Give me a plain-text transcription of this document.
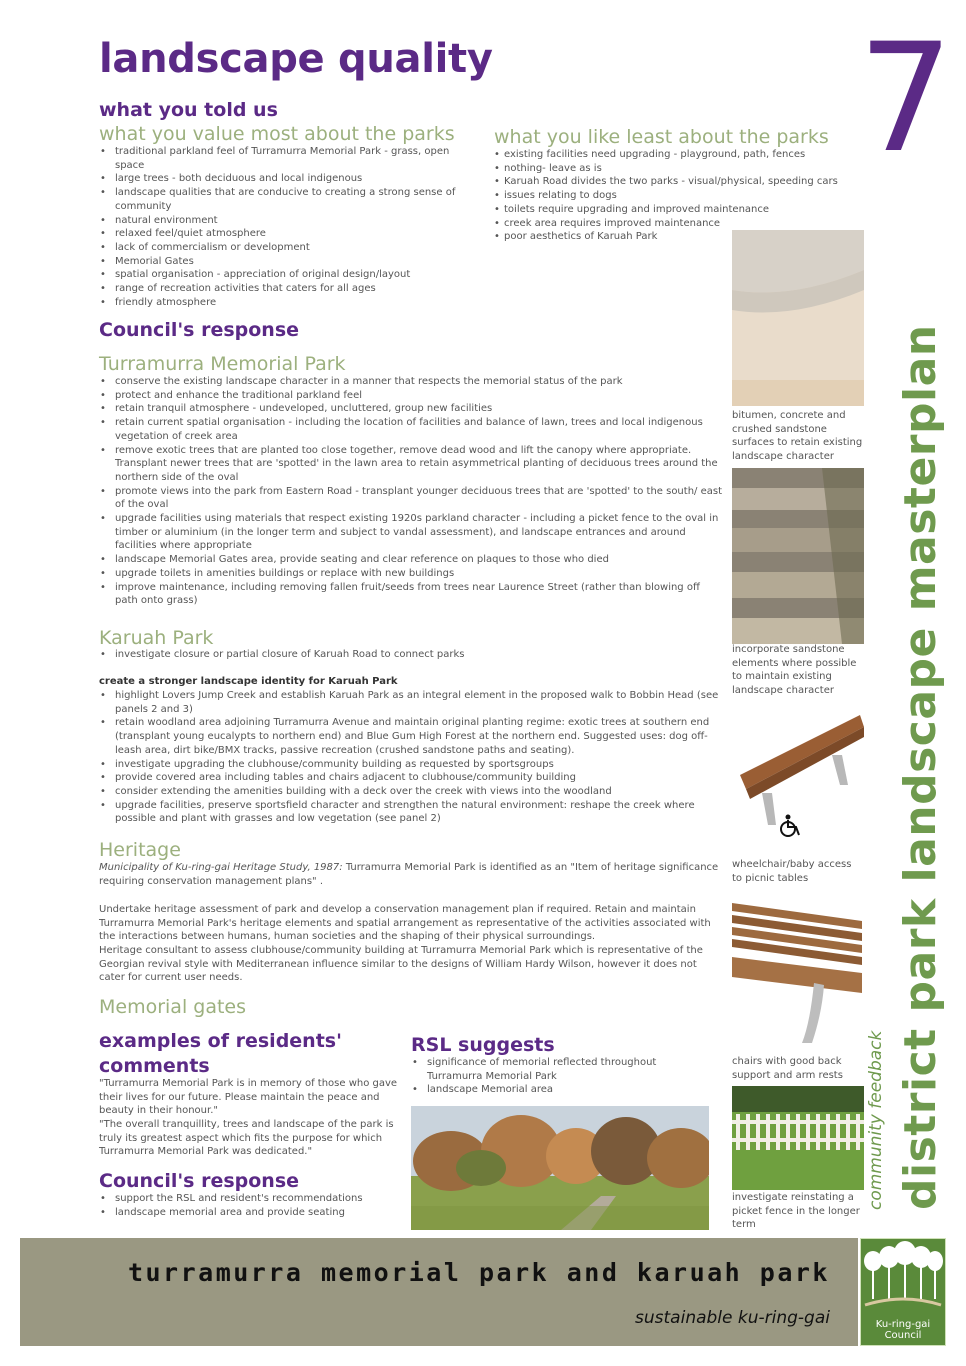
landscape quality 7
what you told us
what you value most about the parks
• traditional parkland feel of Turramurra Memorial Park - grass, open space
• large trees - both deciduous and local indigenous
• landscape qualities that are conducive to creating a strong sense of community
• natural environment
• relaxed feel/quiet atmosphere
• lack of commercialism or development
• Memorial Gates
• spatial organisation - appreciation of original design/layout
• range of recreation activities that caters for all ages
• friendly atmosphere
what you like least about the parks
• existing facilities need upgrading - playground, path, fences
• nothing- leave as is
• Karuah Road divides the two parks - visual/physical, speeding cars
• issues relating to dogs
• toilets require upgrading and improved maintenance
• creek area requires improved maintenance
• poor aesthetics of Karuah Park
Council's response
Turramurra Memorial Park
• conserve the existing landscape character in a manner that respects the memorial status of the park
• protect and enhance the traditional parkland feel
• retain tranquil atmosphere - undeveloped, uncluttered, group new facilities
• retain current spatial organisation - including the location of facilities and balance of lawn, trees and local indigenous vegetation of creek area
• remove exotic trees that are planted too close together, remove dead wood and lift the canopy where appropriate. Transplant newer trees that are 'spotted' in the lawn area to retain asymmetrical planting of deciduous trees around the northern side of the oval
• promote views into the park from Eastern Road - transplant younger deciduous trees that are 'spotted' to the south/ east of the oval
• upgrade facilities using materials that respect existing 1920s parkland character - including a picket fence to the oval in timber or aluminium (in the longer term and subject to vandal assessment), and landscape entrances and around facilities where appropriate
• landscape Memorial Gates area, provide seating and clear reference on plaques to those who died
• upgrade toilets in amenities buildings or replace with new buildings
• improve maintenance, including removing fallen fruit/seeds from trees near Laurence Street (rather than blowing off path onto grass)
Karuah Park
• investigate closure or partial closure of Karuah Road to connect parks
create a stronger landscape identity for Karuah Park
• highlight Lovers Jump Creek and establish Karuah Park as an integral element in the proposed walk to Bobbin Head (see panels 2 and 3)
• retain woodland area adjoining Turramurra Avenue and maintain original planting regime: exotic trees at southern end (transplant young eucalypts to northern end) and Blue Gum High Forest at the northern end. Suggested uses: dog off-leash area, dirt bike/BMX tracks, passive recreation (crushed sandstone paths and seating).
• investigate upgrading the clubhouse/community building as requested by sportsgroups
• provide covered area including tables and chairs adjacent to clubhouse/community building
• consider extending the amenities building with a deck over the creek with views into the woodland
• upgrade facilities, preserve sportsfield character and strengthen the natural environment: reshape the creek where possible and plant with grasses and low vegetation (see panel 2)
Heritage
Municipality of Ku-ring-gai Heritage Study, 1987: Turramurra Memorial Park is identified as an "Item of heritage significance requiring conservation management plans" .
Undertake heritage assessment of park and develop a conservation management plan if required. Retain and maintain Turramurra Memorial Park's heritage elements and spatial arrangement as representative of the activities associated with the interactions between humans, human societies and the shaping of their physical surroundings.
Heritage consultant to assess clubhouse/community building at Turramurra Memorial Park which is representative of the Georgian revival style with Mediterranean influence similar to the designs of William Hardy Wilson, however it does not cater for current user needs.
Memorial gates
examples of residents'
comments
"Turramurra Memorial Park is in memory of those who gave their lives for our future. Please maintain the peace and beauty in their honour."
"The overall tranquillity, trees and landscape of the park is truly its greatest aspect which fits the purpose for which Turramurra Memorial Park was dedicated."
Council's response
• support the RSL and resident's recommendations
• landscape memorial area and provide seating
RSL suggests
• significance of memorial reflected throughout Turramurra Memorial Park
• landscape Memorial area
bitumen, concrete and crushed sandstone surfaces to retain existing landscape character
incorporate sandstone elements where possible to maintain existing landscape character
wheelchair/baby access to picnic tables
chairs with good back support and arm rests
investigate reinstating a picket fence in the longer term
district park landscape masterplan
community feedback
turramurra memorial park and karuah park
sustainable ku-ring-gai	Ku-ring-gai
Council
